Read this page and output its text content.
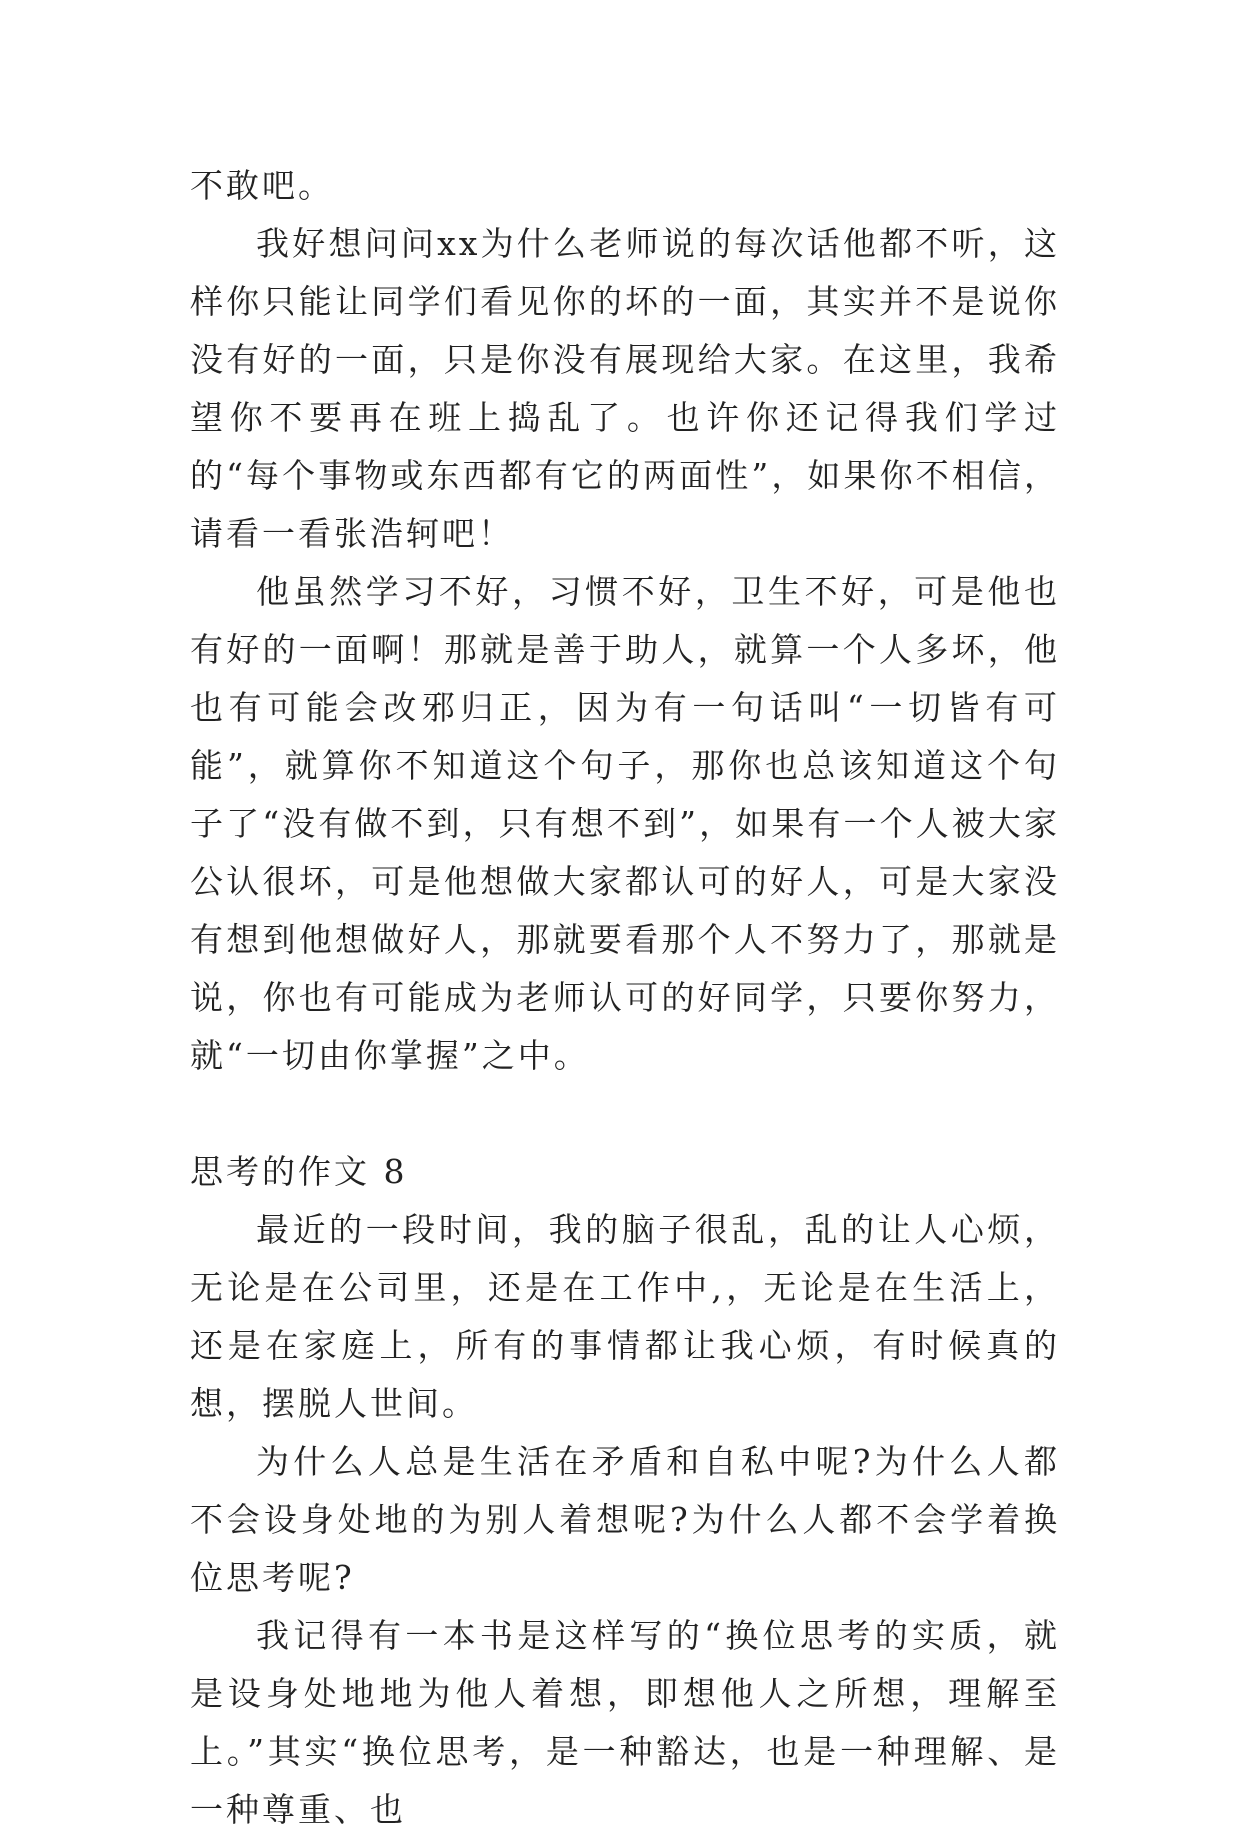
不敢吧。

我好想问问xx为什么老师说的每次话他都不听，这样你只能让同学们看见你的坏的一面，其实并不是说你没有好的一面，只是你没有展现给大家。在这里，我希望你不要再在班上捣乱了。也许你还记得我们学过的“每个事物或东西都有它的两面性”，如果你不相信，请看一看张浩轲吧！

他虽然学习不好，习惯不好，卫生不好，可是他也有好的一面啊！那就是善于助人，就算一个人多坏，他也有可能会改邪归正，因为有一句话叫“一切皆有可能”，就算你不知道这个句子，那你也总该知道这个句子了“没有做不到，只有想不到”，如果有一个人被大家公认很坏，可是他想做大家都认可的好人，可是大家没有想到他想做好人，那就要看那个人不努力了，那就是说，你也有可能成为老师认可的好同学，只要你努力，就“一切由你掌握”之中。

思考的作文 8

最近的一段时间，我的脑子很乱，乱的让人心烦，无论是在公司里，还是在工作中,，无论是在生活上，还是在家庭上，所有的事情都让我心烦，有时候真的想，摆脱人世间。

为什么人总是生活在矛盾和自私中呢?为什么人都不会设身处地的为别人着想呢?为什么人都不会学着换位思考呢?

我记得有一本书是这样写的“换位思考的实质，就是设身处地地为他人着想，即想他人之所想，理解至上。”其实“换位思考，是一种豁达，也是一种理解、是一种尊重、也
